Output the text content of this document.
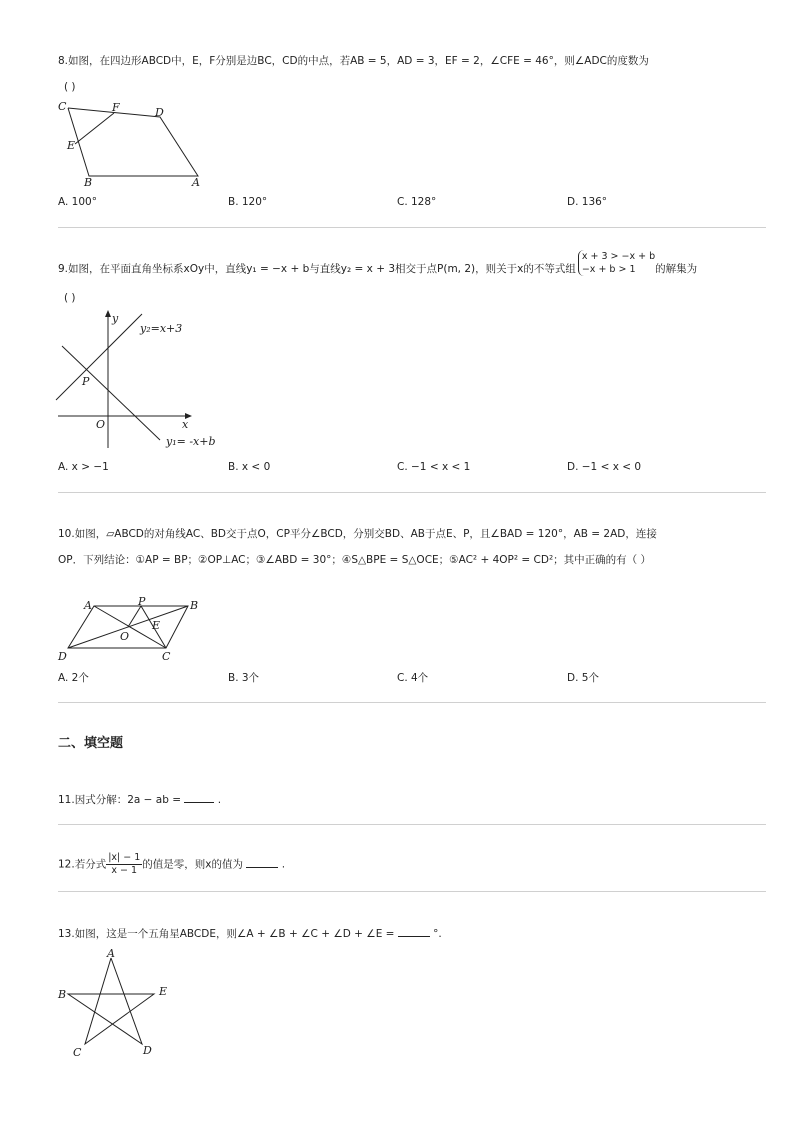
8.如图，在四边形ABCD中，E，F分别是边BC，CD的中点，若AB = 5，AD = 3，EF = 2，∠CFE = 46°，则∠ADC的度数为
( )
C	F	D
E
B	A
A. 100°	B. 120°	C. 128°	D. 136°
9.如图，在平面直角坐标系xOy中，直线y₁ = −x + b与直线y₂ = x + 3相交于点P(m, 2)，则关于x的不等式组
x + 3 > −x + b
−x + b > 1	的解集为
( )
y
y₂=x+3
P
x
O
y₁= -x+b
A. x > −1	B. x < 0	C. −1 < x < 1	D. −1 < x < 0
10.如图，▱ABCD的对角线AC、BD交于点O，CP平分∠BCD，分别交BD、AB于点E、P，且∠BAD = 120°，AB = 2AD，连接
OP．下列结论：①AP = BP；②OP⊥AC；③∠ABD = 30°；④S△BPE = S△OCE；⑤AC² + 4OP² = CD²；其中正确的有（ ）
A	P	B
O
E
D	C
A. 2个	B. 3个	C. 4个	D. 5个
二、填空题
11.因式分解：2a − ab =	.
12.若分式 $\frac{|x| - 1}{x - 1}$ 的值是零，则x的值为	.
13.如图，这是一个五角星ABCDE，则∠A + ∠B + ∠C + ∠D + ∠E =	°.
A
B	E
C	D
